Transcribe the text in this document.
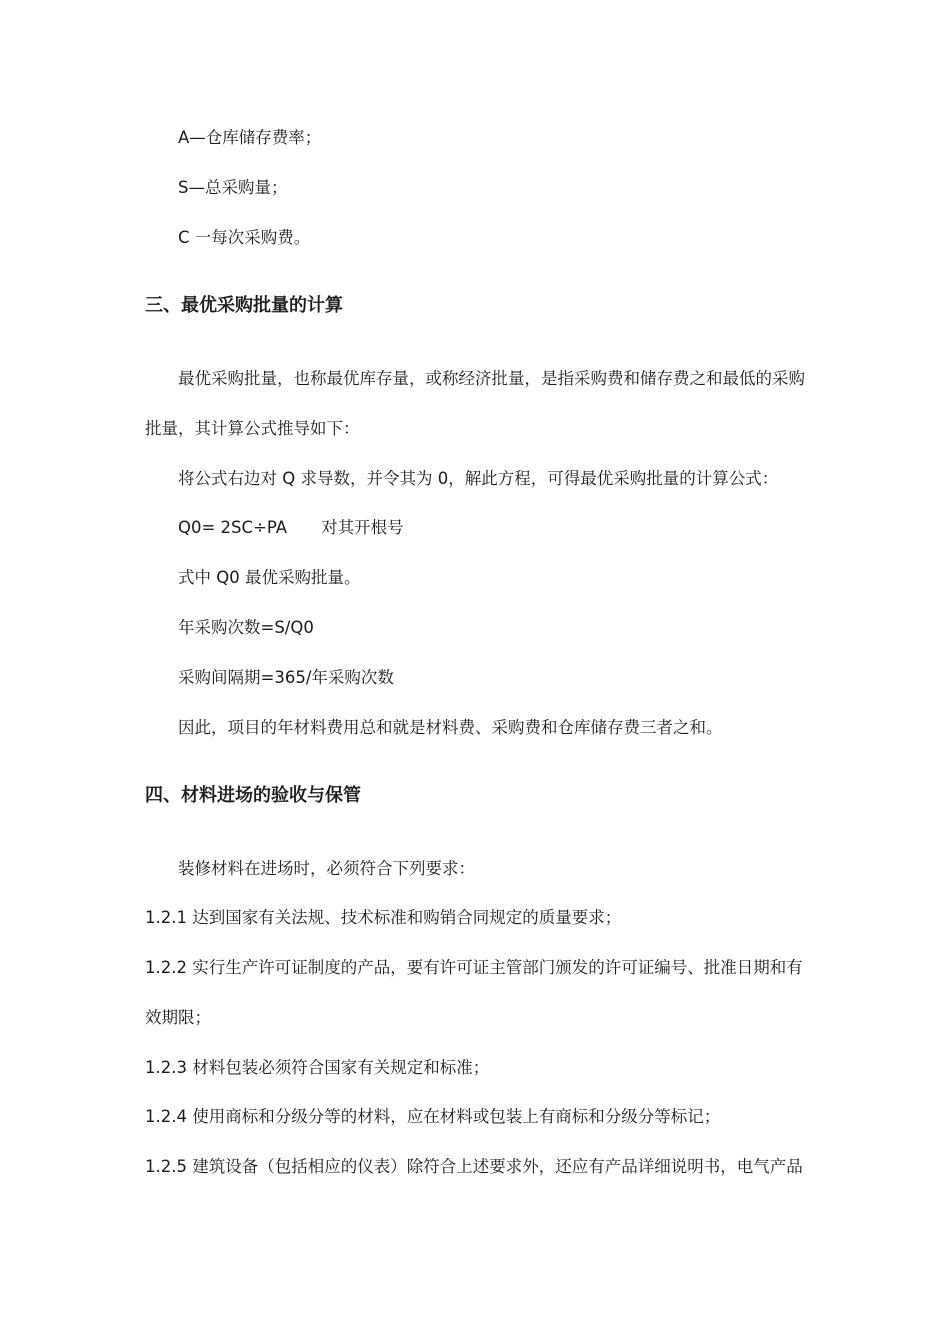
A—仓库储存费率；

S—总采购量；

C 一每次采购费。

三、最优采购批量的计算

最优采购批量，也称最优库存量，或称经济批量，是指采购费和储存费之和最低的采购

批量，其计算公式推导如下：

将公式右边对 Q 求导数，并令其为 0，解此方程，可得最优采购批量的计算公式：

Q0= 2SC÷PA 对其开根号

式中 Q0 最优采购批量。

年采购次数=S/Q0

采购间隔期=365/年采购次数

因此，项目的年材料费用总和就是材料费、采购费和仓库储存费三者之和。

四、材料进场的验收与保管

装修材料在进场时，必须符合下列要求：

1.2.1 达到国家有关法规、技术标准和购销合同规定的质量要求；

1.2.2 实行生产许可证制度的产品，要有许可证主管部门颁发的许可证编号、批准日期和有

效期限；

1.2.3 材料包装必须符合国家有关规定和标准；

1.2.4 使用商标和分级分等的材料，应在材料或包装上有商标和分级分等标记；

1.2.5 建筑设备（包括相应的仪表）除符合上述要求外，还应有产品详细说明书，电气产品
